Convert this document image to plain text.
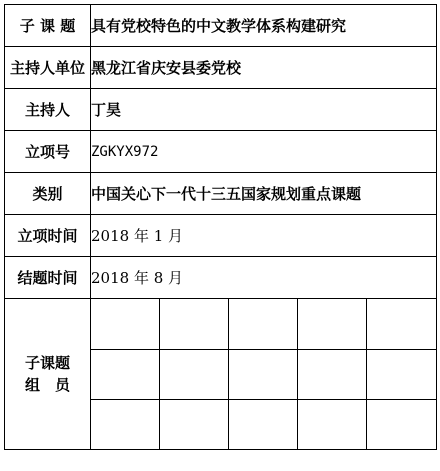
子 课 题	具有党校特色的中文教学体系构建研究				
主持人单位	黑龙江省庆安县委党校				
主持人	丁昊				
立项号	ZGKYX972				
类别	中国关心下一代十三五国家规划重点课题				
立项时间	2018 年 1 月				
结题时间	2018 年 8 月				

子课题
组　员					
